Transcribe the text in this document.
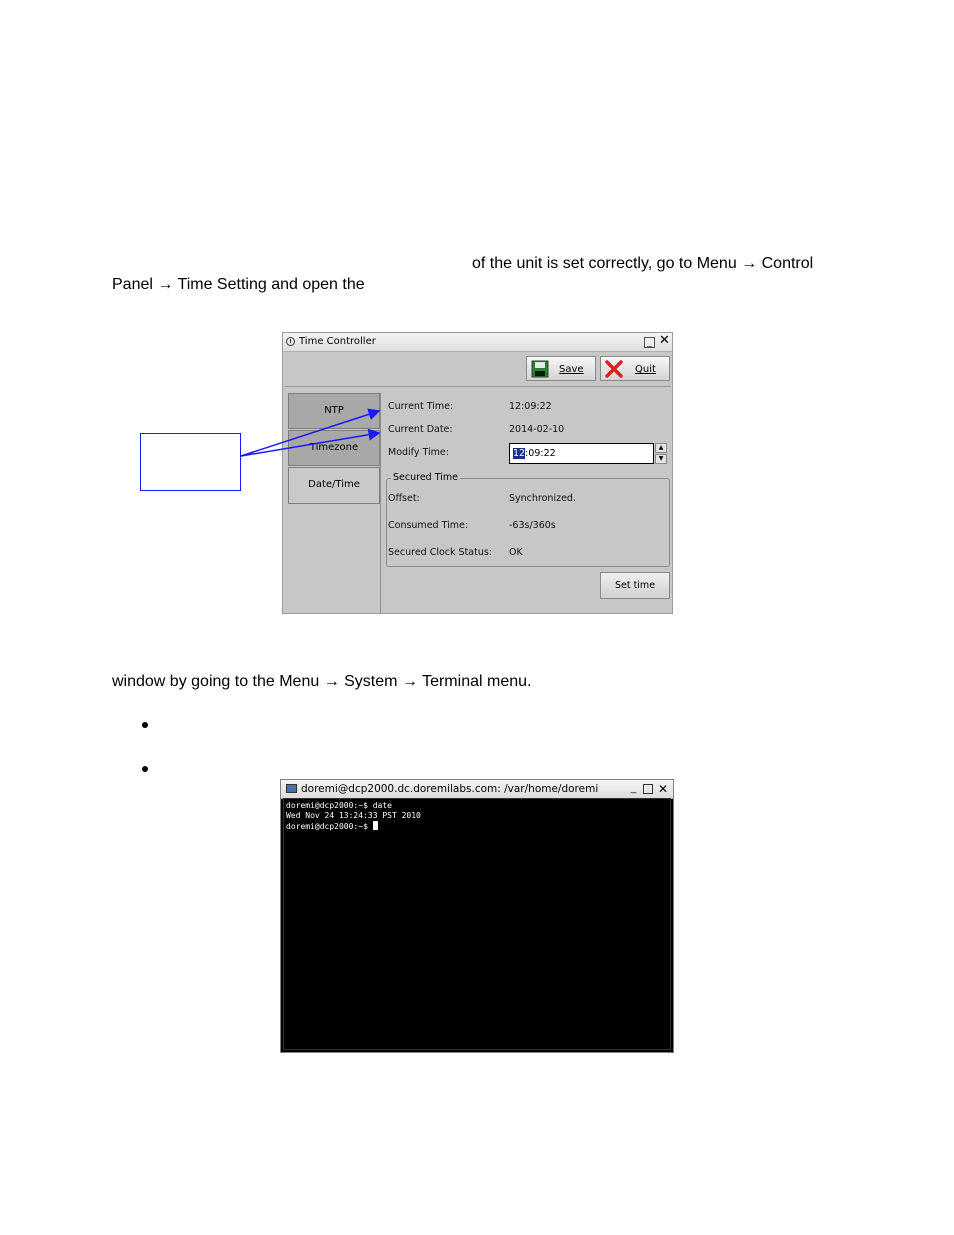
of the unit is set correctly, go to Menu → Control
Panel → Time Setting and open the
Time Controller	_ ✕
Save	Quit
NTP
Timezone
Date/Time
Current Time:	12:09:22
Current Date:	2014-02-10
Modify Time:	12:09:22
▲
▼
Secured Time
Offset:	Synchronized.
Consumed Time:	-63s/360s
Secured Clock Status: OK
Set time
window by going to the Menu → System → Terminal menu.
doremi@dcp2000.dc.doremilabs.com: /var/home/doremi	_ ✕
doremi@dcp2000:~$ date
Wed Nov 24 13:24:33 PST 2010
doremi@dcp2000:~$
